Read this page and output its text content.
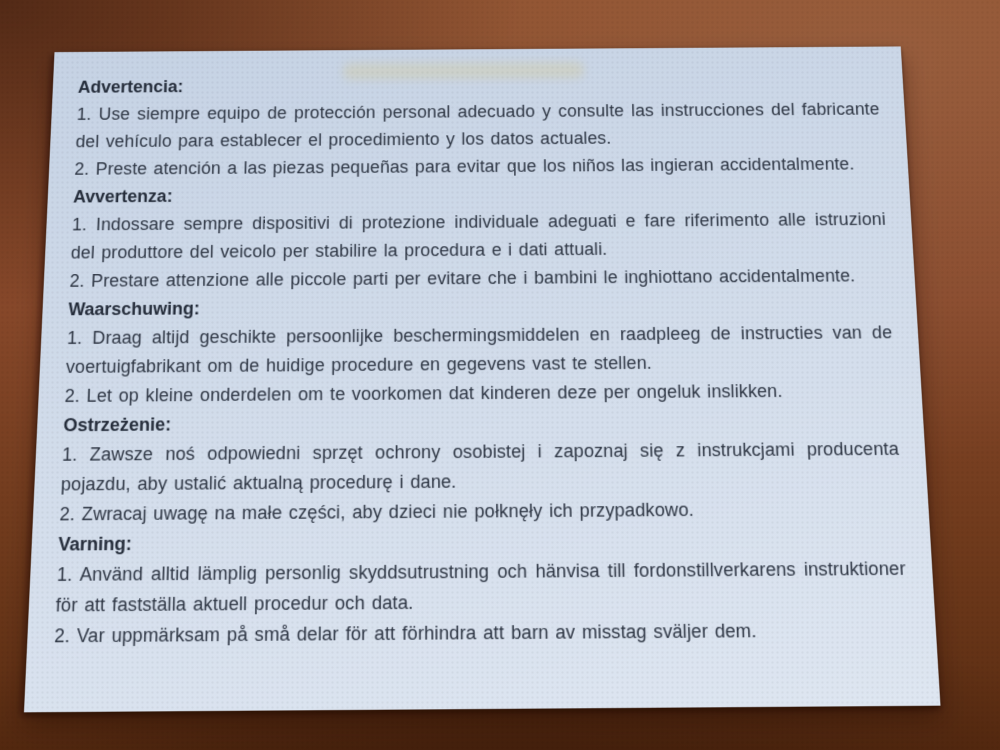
Advertencia:

1. Use siempre equipo de protección personal adecuado y consulte las instrucciones del fabricante del vehículo para establecer el procedimiento y los datos actuales.

2. Preste atención a las piezas pequeñas para evitar que los niños las ingieran accidentalmente.

Avvertenza:

1. Indossare sempre dispositivi di protezione individuale adeguati e fare riferimento alle istruzioni del produttore del veicolo per stabilire la procedura e i dati attuali.

2. Prestare attenzione alle piccole parti per evitare che i bambini le inghiottano accidentalmente.

Waarschuwing:

1. Draag altijd geschikte persoonlijke beschermingsmiddelen en raadpleeg de instructies van de voertuigfabrikant om de huidige procedure en gegevens vast te stellen.

2. Let op kleine onderdelen om te voorkomen dat kinderen deze per ongeluk inslikken.

Ostrzeżenie:

1. Zawsze noś odpowiedni sprzęt ochrony osobistej i zapoznaj się z instrukcjami producenta pojazdu, aby ustalić aktualną procedurę i dane.

2. Zwracaj uwagę na małe części, aby dzieci nie połknęły ich przypadkowo.

Varning:

1. Använd alltid lämplig personlig skyddsutrustning och hänvisa till fordonstillverkarens instruktioner för att fastställa aktuell procedur och data.

2. Var uppmärksam på små delar för att förhindra att barn av misstag sväljer dem.
